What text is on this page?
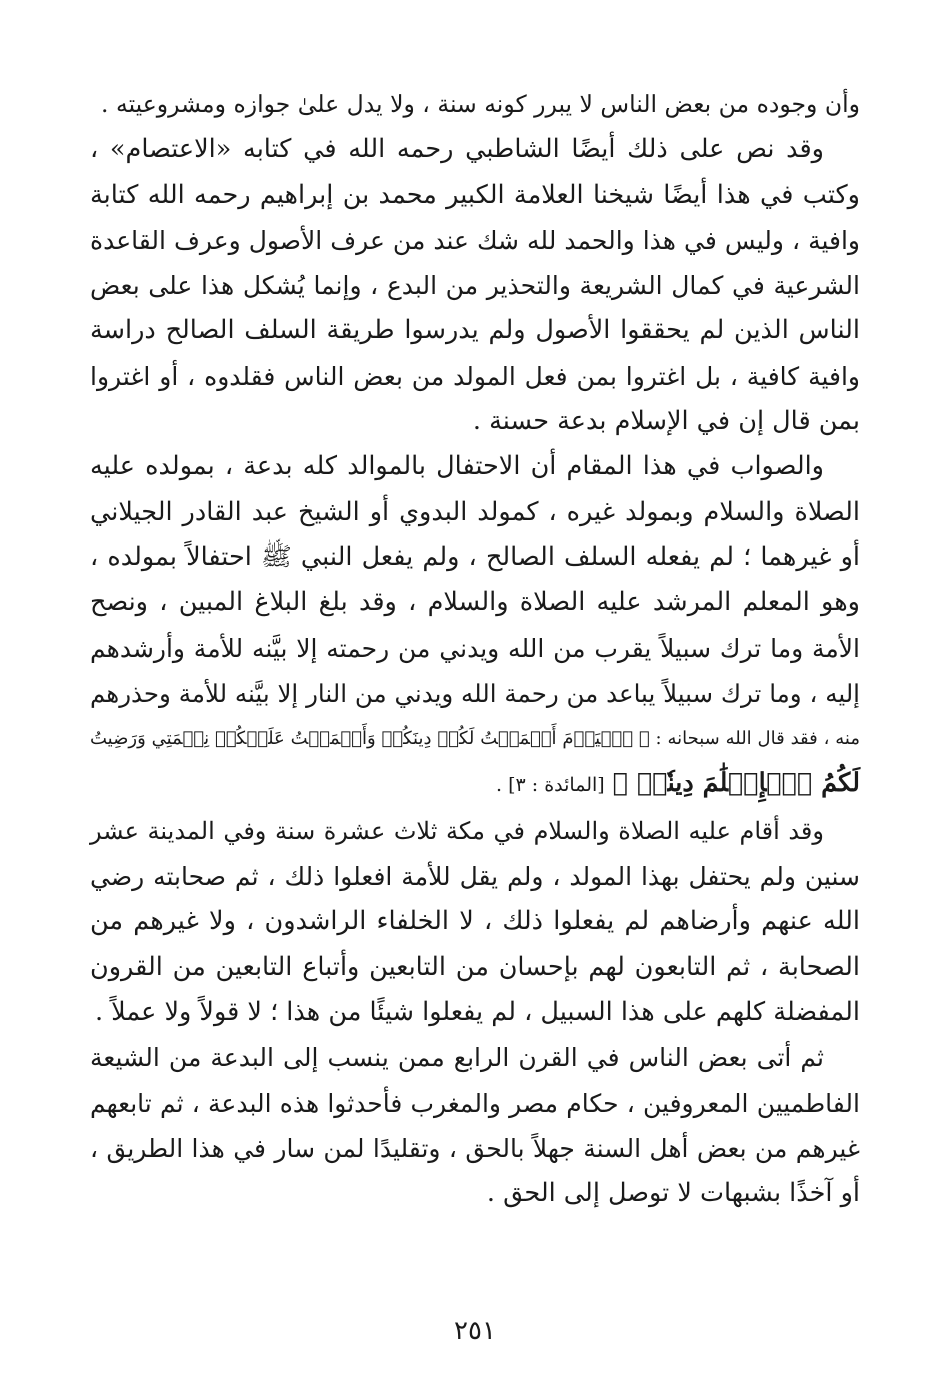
وأن وجوده من بعض الناس لا يبرر كونه سنة ، ولا يدل علىٰ جوازه ومشروعيته .
وقد نص على ذلك أيضًا الشاطبي رحمه الله في كتابه «الاعتصام» ،
وكتب في هذا أيضًا شيخنا العلامة الكبير محمد بن إبراهيم رحمه الله كتابة
وافية ، وليس في هذا والحمد لله شك عند من عرف الأصول وعرف القاعدة
الشرعية في كمال الشريعة والتحذير من البدع ، وإنما يُشكل هذا على بعض
الناس الذين لم يحققوا الأصول ولم يدرسوا طريقة السلف الصالح دراسة
وافية كافية ، بل اغتروا بمن فعل المولد من بعض الناس فقلدوه ، أو اغتروا
بمن قال إن في الإسلام بدعة حسنة .
والصواب في هذا المقام أن الاحتفال بالموالد كله بدعة ، بمولده عليه
الصلاة والسلام وبمولد غيره ، كمولد البدوي أو الشيخ عبد القادر الجيلاني
أو غيرهما ؛ لم يفعله السلف الصالح ، ولم يفعل النبي ﷺ احتفالاً بمولده ،
وهو المعلم المرشد عليه الصلاة والسلام ، وقد بلغ البلاغ المبين ، ونصح
الأمة وما ترك سبيلاً يقرب من الله ويدني من رحمته إلا بيَّنه للأمة وأرشدهم
إليه ، وما ترك سبيلاً يباعد من رحمة الله ويدني من النار إلا بيَّنه للأمة وحذرهم
منه ، فقد قال الله سبحانه : ﴿ ٱلۡيَوۡمَ أَكۡمَلۡتُ لَكُمۡ دِينَكُمۡ وَأَتۡمَمۡتُ عَلَيۡكُمۡ نِعۡمَتِي وَرَضِيتُ
لَكُمُ ٱلۡإِسۡلَٰمَ دِينٗاۚ ﴾ [المائدة : ٣] .
وقد أقام عليه الصلاة والسلام في مكة ثلاث عشرة سنة وفي المدينة عشر
سنين ولم يحتفل بهذا المولد ، ولم يقل للأمة افعلوا ذلك ، ثم صحابته رضي
الله عنهم وأرضاهم لم يفعلوا ذلك ، لا الخلفاء الراشدون ، ولا غيرهم من
الصحابة ، ثم التابعون لهم بإحسان من التابعين وأتباع التابعين من القرون
المفضلة كلهم على هذا السبيل ، لم يفعلوا شيئًا من هذا ؛ لا قولاً ولا عملاً .
ثم أتى بعض الناس في القرن الرابع ممن ينسب إلى البدعة من الشيعة
الفاطميين المعروفين ، حكام مصر والمغرب فأحدثوا هذه البدعة ، ثم تابعهم
غيرهم من بعض أهل السنة جهلاً بالحق ، وتقليدًا لمن سار في هذا الطريق ،
أو آخذًا بشبهات لا توصل إلى الحق .
٢٥١
